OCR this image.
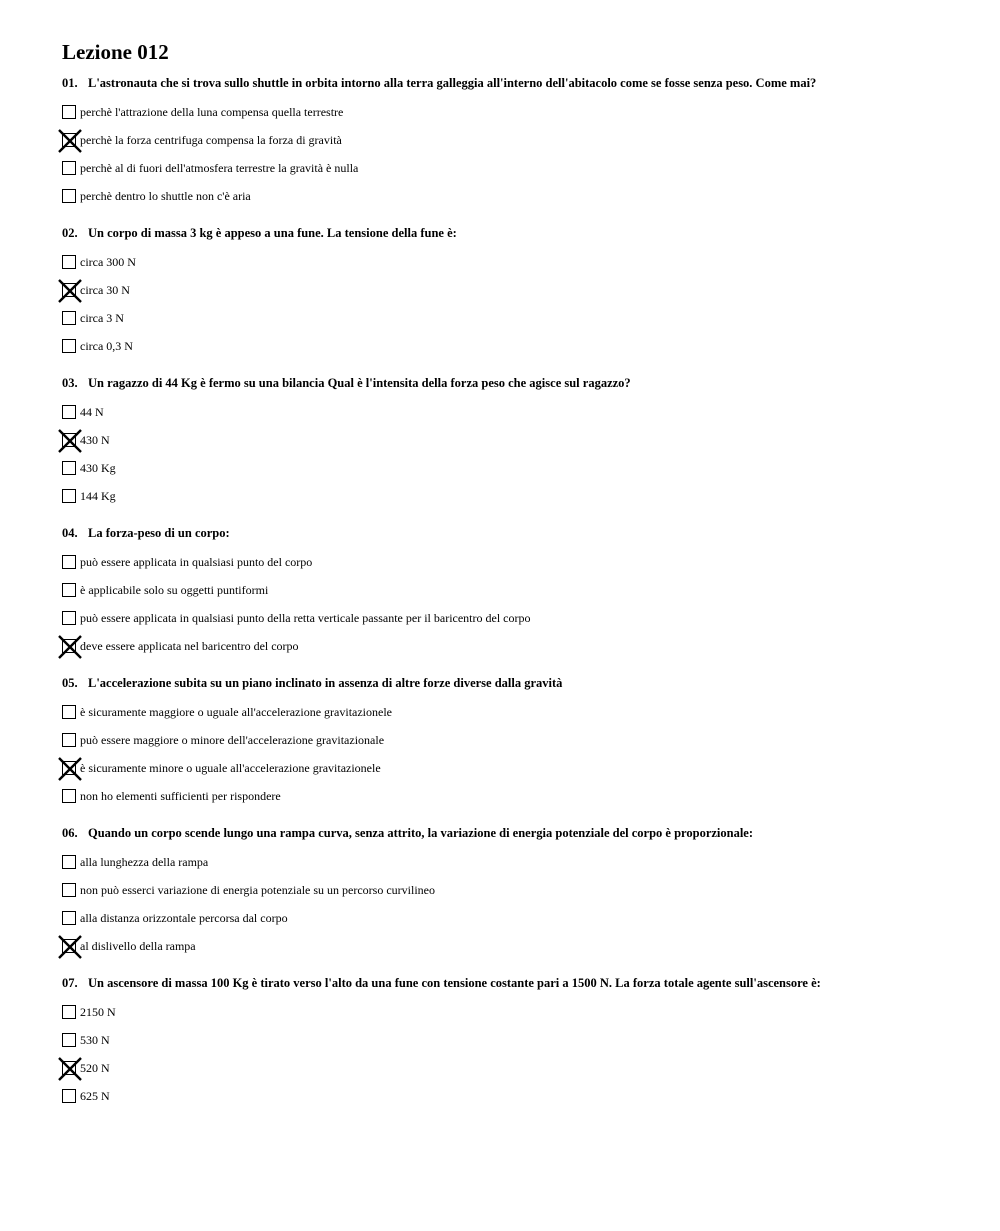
Lezione 012
01. L'astronauta che si trova sullo shuttle in orbita intorno alla terra galleggia all'interno dell'abitacolo come se fosse senza peso. Come mai?
perchè l'attrazione della luna compensa quella terrestre
perchè la forza centrifuga compensa la forza di gravità
perchè al di fuori dell'atmosfera terrestre la gravità è nulla
perchè dentro lo shuttle non c'è aria
02. Un corpo di massa 3 kg è appeso a una fune. La tensione della fune è:
circa 300 N
circa 30 N
circa 3 N
circa 0,3 N
03. Un ragazzo di 44 Kg è fermo su una bilancia Qual è l'intensita della forza peso che agisce sul ragazzo?
44 N
430 N
430 Kg
144 Kg
04. La forza-peso di un corpo:
può essere applicata in qualsiasi punto del corpo
è applicabile solo su oggetti puntiformi
può essere applicata in qualsiasi punto della retta verticale passante per il baricentro del corpo
deve essere applicata nel baricentro del corpo
05. L'accelerazione subita su un piano inclinato in assenza di altre forze diverse dalla gravità
è sicuramente maggiore o uguale all'accelerazione gravitazionele
può essere maggiore o minore dell'accelerazione gravitazionale
è sicuramente minore o uguale all'accelerazione gravitazionele
non ho elementi sufficienti per rispondere
06. Quando un corpo scende lungo una rampa curva, senza attrito, la variazione di energia potenziale del corpo è proporzionale:
alla lunghezza della rampa
non può esserci variazione di energia potenziale su un percorso curvilineo
alla distanza orizzontale percorsa dal corpo
al dislivello della rampa
07. Un ascensore di massa 100 Kg è tirato verso l'alto da una fune con tensione costante pari a 1500 N. La forza totale agente sull'ascensore è:
2150 N
530 N
520 N
625 N
